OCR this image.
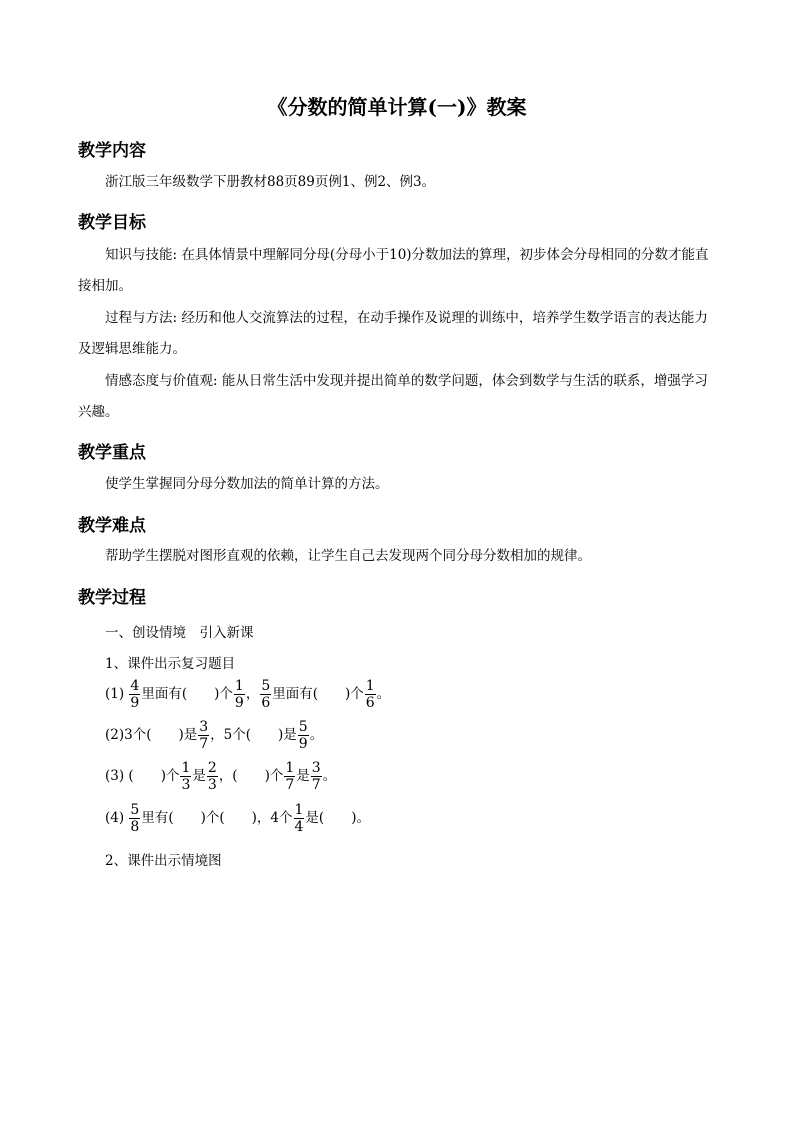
《分数的简单计算(一)》教案
教学内容
浙江版三年级数学下册教材88页89页例1、例2、例3。
教学目标
知识与技能: 在具体情景中理解同分母(分母小于10)分数加法的算理，初步体会分母相同的分数才能直接相加。
过程与方法: 经历和他人交流算法的过程，在动手操作及说理的训练中，培养学生数学语言的表达能力及逻辑思维能力。
情感态度与价值观: 能从日常生活中发现并提出简单的数学问题，体会到数学与生活的联系，增强学习兴趣。
教学重点
使学生掌握同分母分数加法的简单计算的方法。
教学难点
帮助学生摆脱对图形直观的依赖，让学生自己去发现两个同分母分数相加的规律。
教学过程
一、创设情境　引入新课
1、课件出示复习题目
$(1) \frac{4}{9}$ 里面有(　　)个 $\frac{1}{9}$ ， $\frac{5}{6}$ 里面有(　　)个 $\frac{1}{6}$ 。
(2)3个(　　)是 $\frac{3}{7}$ ，5个(　　)是 $\frac{5}{9}$ 。
(3) (　　)个 $\frac{1}{3}$ 是 $\frac{2}{3}$ ，(　　)个 $\frac{1}{7}$ 是 $\frac{3}{7}$ 。
$(4) \frac{5}{8}$ 里有(　　)个(　　)，4个 $\frac{1}{4}$ 是(　　)。
2、课件出示情境图
